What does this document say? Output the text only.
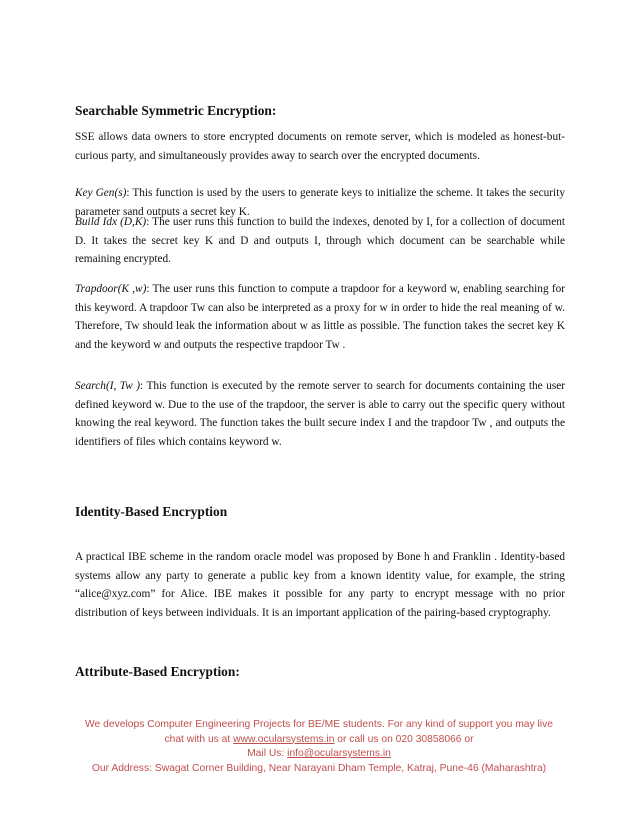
Searchable Symmetric Encryption:

SSE allows data owners to store encrypted documents on remote server, which is modeled as honest-but-curious party, and simultaneously provides away to search over the encrypted documents.

Key Gen(s): This function is used by the users to generate keys to initialize the scheme. It takes the security parameter sand outputs a secret key K.

Build Idx (D,K): The user runs this function to build the indexes, denoted by I, for a collection of document D. It takes the secret key K and D and outputs I, through which document can be searchable while remaining encrypted.

Trapdoor(K ,w): The user runs this function to compute a trapdoor for a keyword w, enabling searching for this keyword. A trapdoor Tw can also be interpreted as a proxy for w in order to hide the real meaning of w. Therefore, Tw should leak the information about w as little as possible. The function takes the secret key K and the keyword w and outputs the respective trapdoor Tw .

Search(I, Tw ): This function is executed by the remote server to search for documents containing the user defined keyword w. Due to the use of the trapdoor, the server is able to carry out the specific query without knowing the real keyword. The function takes the built secure index I and the trapdoor Tw , and outputs the identifiers of files which contains keyword w.

Identity-Based Encryption

A practical IBE scheme in the random oracle model was proposed by Bone h and Franklin . Identity-based systems allow any party to generate a public key from a known identity value, for example, the string “alice@xyz.com” for Alice. IBE makes it possible for any party to encrypt message with no prior distribution of keys between individuals. It is an important application of the pairing-based cryptography.

Attribute-Based Encryption:
We develops Computer Engineering Projects for BE/ME students. For any kind of support you may live
chat with us at www.ocularsystems.in or call us on 020 30858066 or
Mail Us: info@ocularsystems.in
Our Address: Swagat Corner Building, Near Narayani Dham Temple, Katraj, Pune-46 (Maharashtra)
